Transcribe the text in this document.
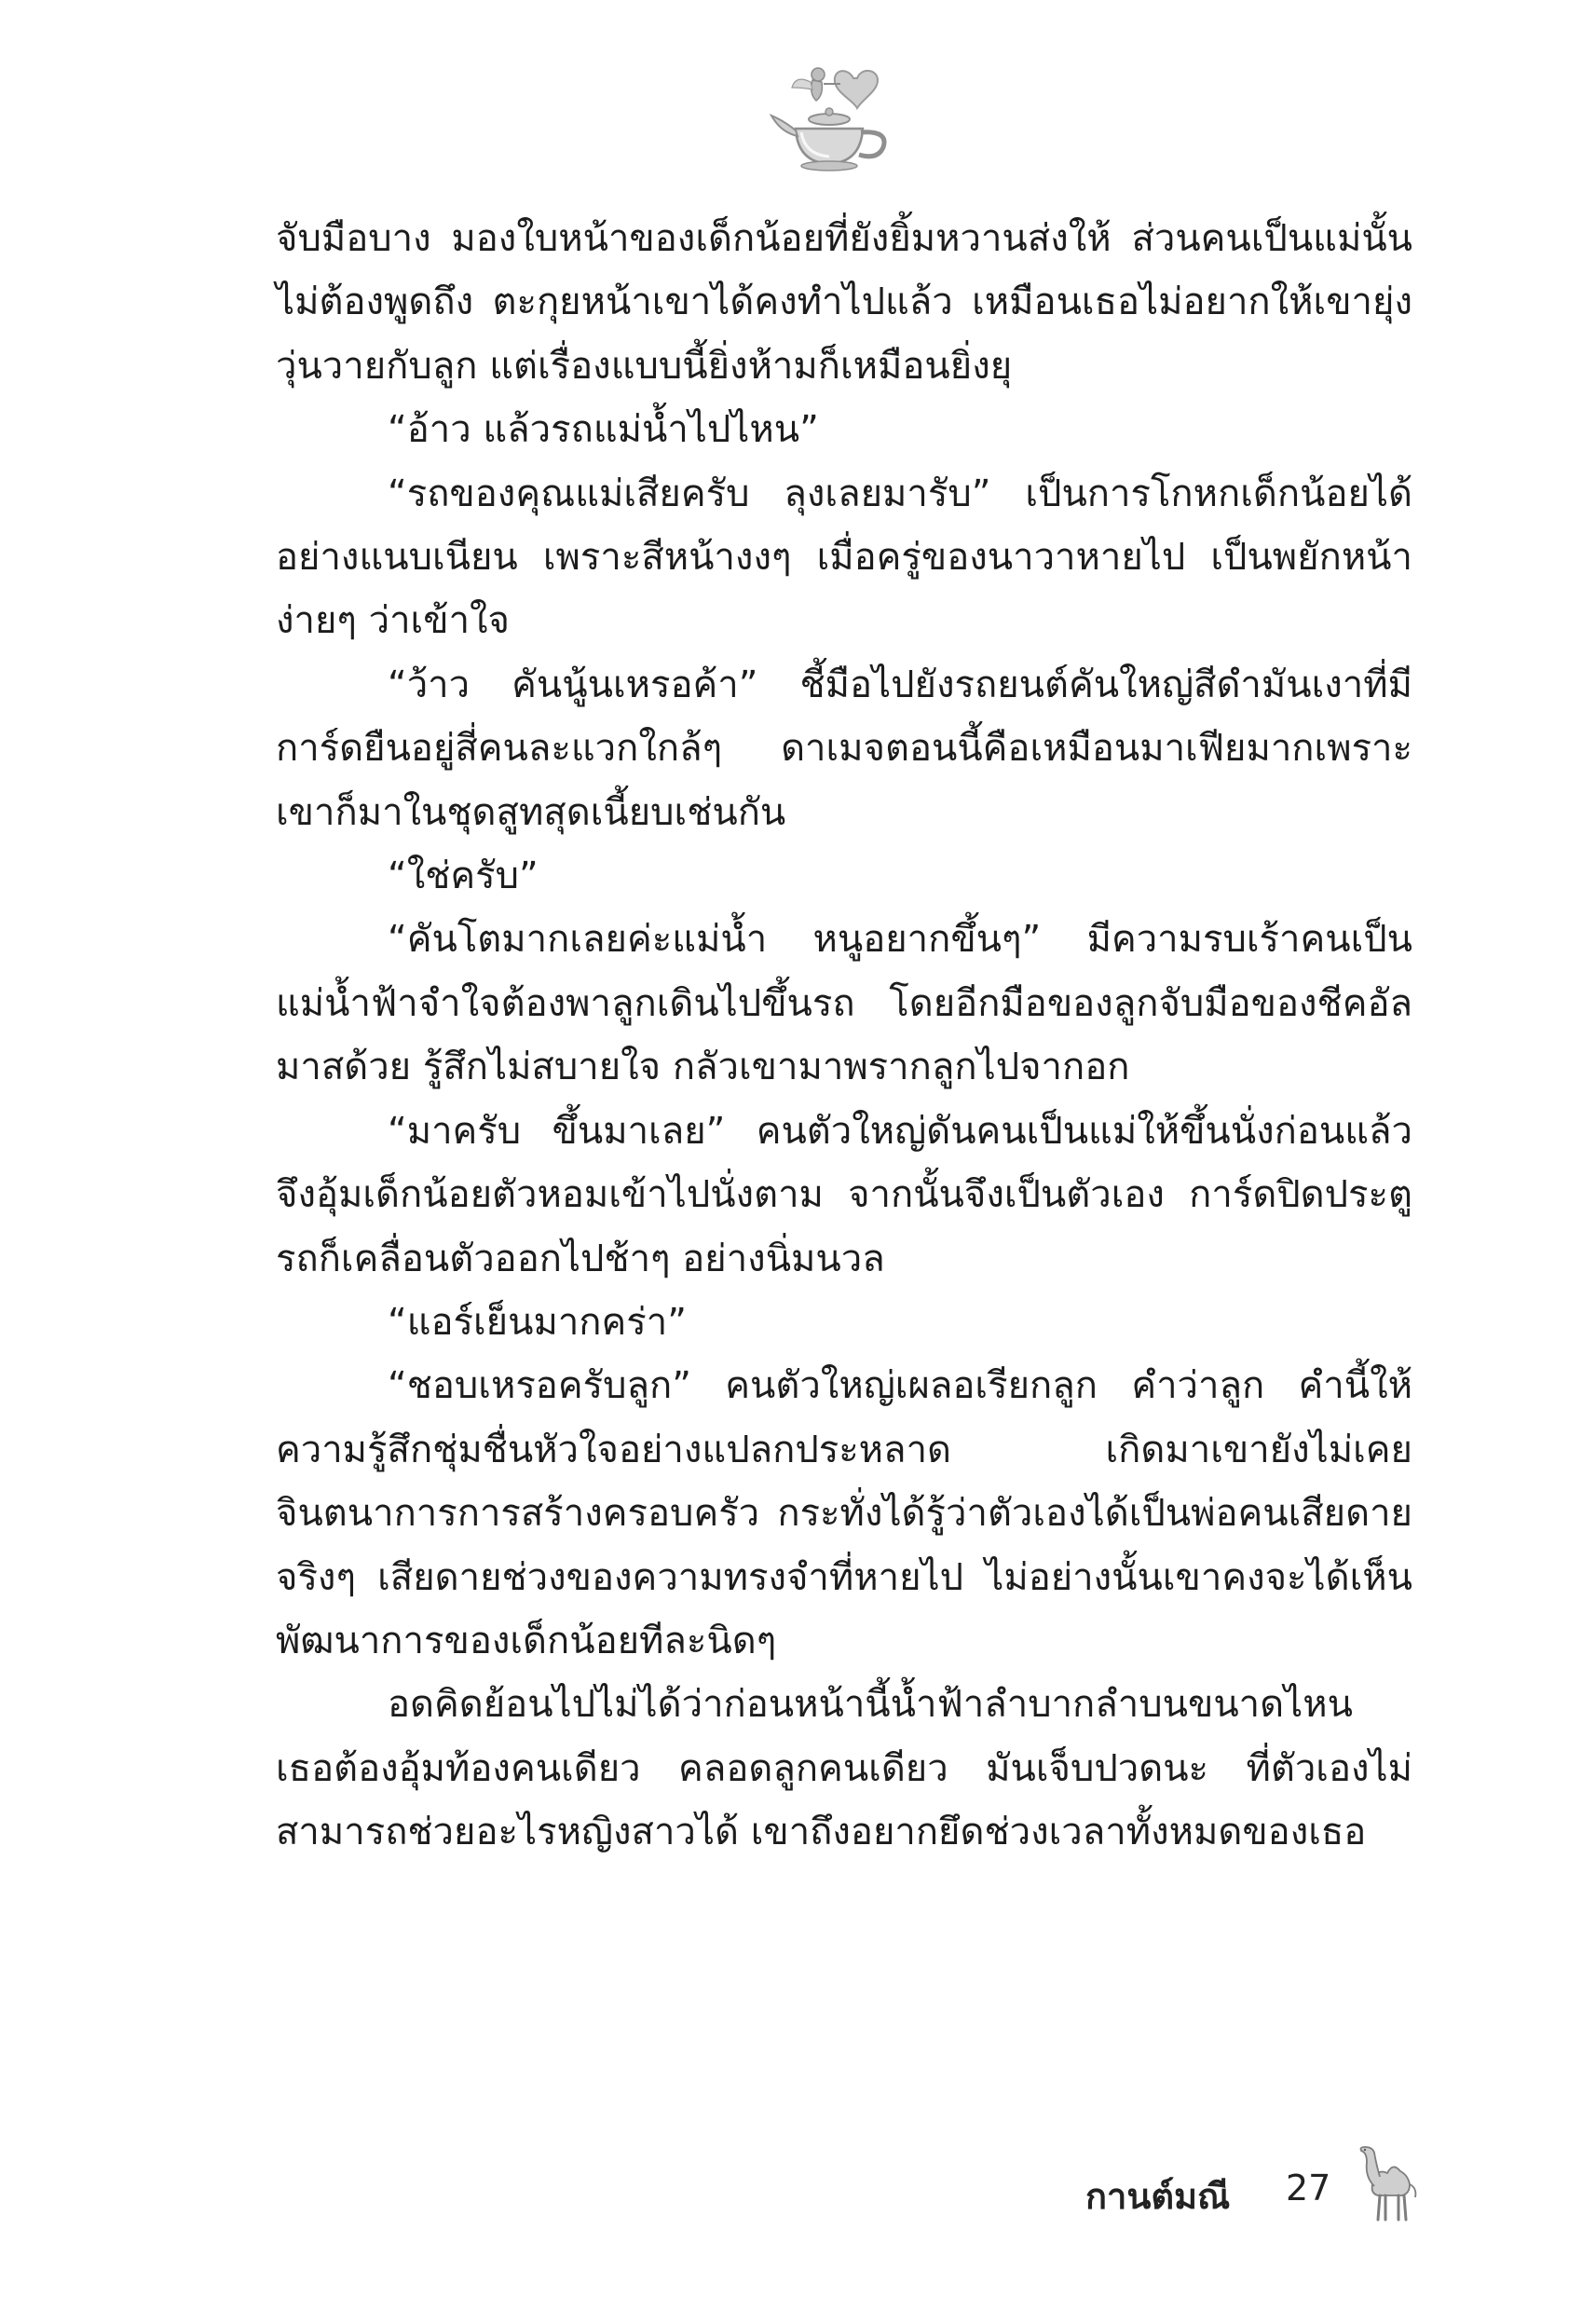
จับมือบาง มองใบหน้าของเด็กน้อยที่ยังยิ้มหวานส่งให้ ส่วนคนเป็นแม่นั้นไม่ต้องพูดถึง ตะกุยหน้าเขาได้คงทำไปแล้ว เหมือนเธอไม่อยากให้เขายุ่งวุ่นวายกับลูก แต่เรื่องแบบนี้ยิ่งห้ามก็เหมือนยิ่งยุ

“อ้าว แล้วรถแม่น้ำไปไหน”

“รถของคุณแม่เสียครับ ลุงเลยมารับ” เป็นการโกหกเด็กน้อยได้อย่างแนบเนียน เพราะสีหน้างงๆ เมื่อครู่ของนาวาหายไป เป็นพยักหน้าง่ายๆ ว่าเข้าใจ

“ว้าว คันนู้นเหรอค้า” ชี้มือไปยังรถยนต์คันใหญ่สีดำมันเงาที่มีการ์ดยืนอยู่สี่คนละแวกใกล้ๆ ดาเมจตอนนี้คือเหมือนมาเฟียมากเพราะเขาก็มาในชุดสูทสุดเนี้ยบเช่นกัน

“ใช่ครับ”

“คันโตมากเลยค่ะแม่น้ำ หนูอยากขึ้นๆ” มีความรบเร้าคนเป็นแม่น้ำฟ้าจำใจต้องพาลูกเดินไปขึ้นรถ โดยอีกมือของลูกจับมือของชีคอัลมาสด้วย รู้สึกไม่สบายใจ กลัวเขามาพรากลูกไปจากอก

“มาครับ ขึ้นมาเลย” คนตัวใหญ่ดันคนเป็นแม่ให้ขึ้นนั่งก่อนแล้วจึงอุ้มเด็กน้อยตัวหอมเข้าไปนั่งตาม จากนั้นจึงเป็นตัวเอง การ์ดปิดประตู รถก็เคลื่อนตัวออกไปช้าๆ อย่างนิ่มนวล

“แอร์เย็นมากคร่า”

“ชอบเหรอครับลูก” คนตัวใหญ่เผลอเรียกลูก คำว่าลูก คำนี้ให้ความรู้สึกชุ่มชื่นหัวใจอย่างแปลกประหลาด เกิดมาเขายังไม่เคยจินตนาการการสร้างครอบครัว กระทั่งได้รู้ว่าตัวเองได้เป็นพ่อคนเสียดายจริงๆ เสียดายช่วงของความทรงจำที่หายไป ไม่อย่างนั้นเขาคงจะได้เห็นพัฒนาการของเด็กน้อยทีละนิดๆ

อดคิดย้อนไปไม่ได้ว่าก่อนหน้านี้น้ำฟ้าลำบากลำบนขนาดไหน เธอต้องอุ้มท้องคนเดียว คลอดลูกคนเดียว มันเจ็บปวดนะ ที่ตัวเองไม่สามารถช่วยอะไรหญิงสาวได้ เขาถึงอยากยึดช่วงเวลาทั้งหมดของเธอ

กานต์มณี 27
